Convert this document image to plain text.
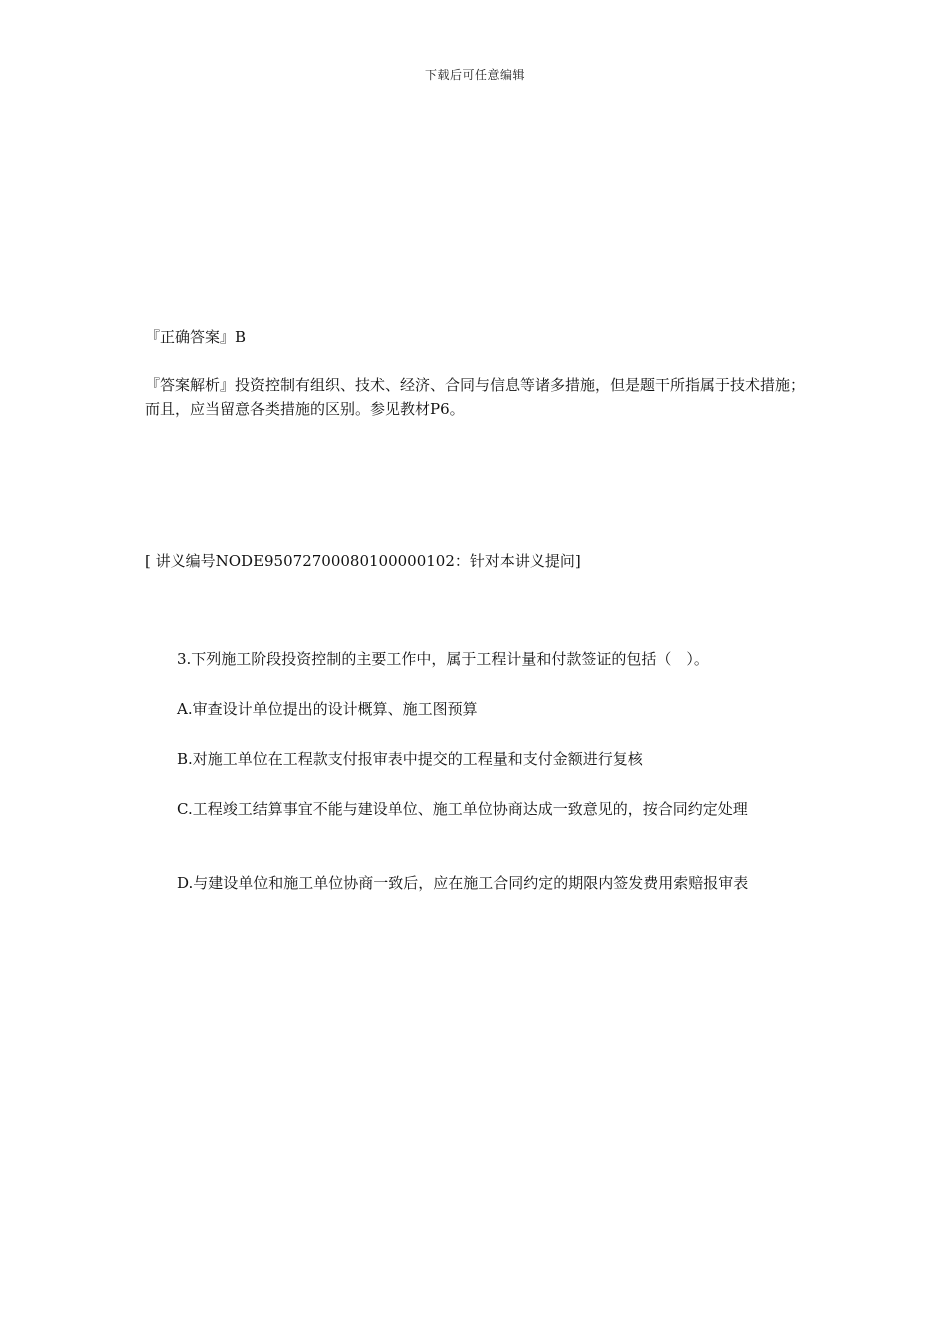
下载后可任意编辑

『正确答案』B

『答案解析』投资控制有组织、技术、经济、合同与信息等诸多措施，但是题干所指属于技术措施；而且，应当留意各类措施的区别。参见教材P6。

[ 讲义编号NODE95072700080100000102：针对本讲义提问]

3.下列施工阶段投资控制的主要工作中，属于工程计量和付款签证的包括（　）。

A.审查设计单位提出的设计概算、施工图预算

B.对施工单位在工程款支付报审表中提交的工程量和支付金额进行复核

C.工程竣工结算事宜不能与建设单位、施工单位协商达成一致意见的，按合同约定处理

D.与建设单位和施工单位协商一致后，应在施工合同约定的期限内签发费用索赔报审表
